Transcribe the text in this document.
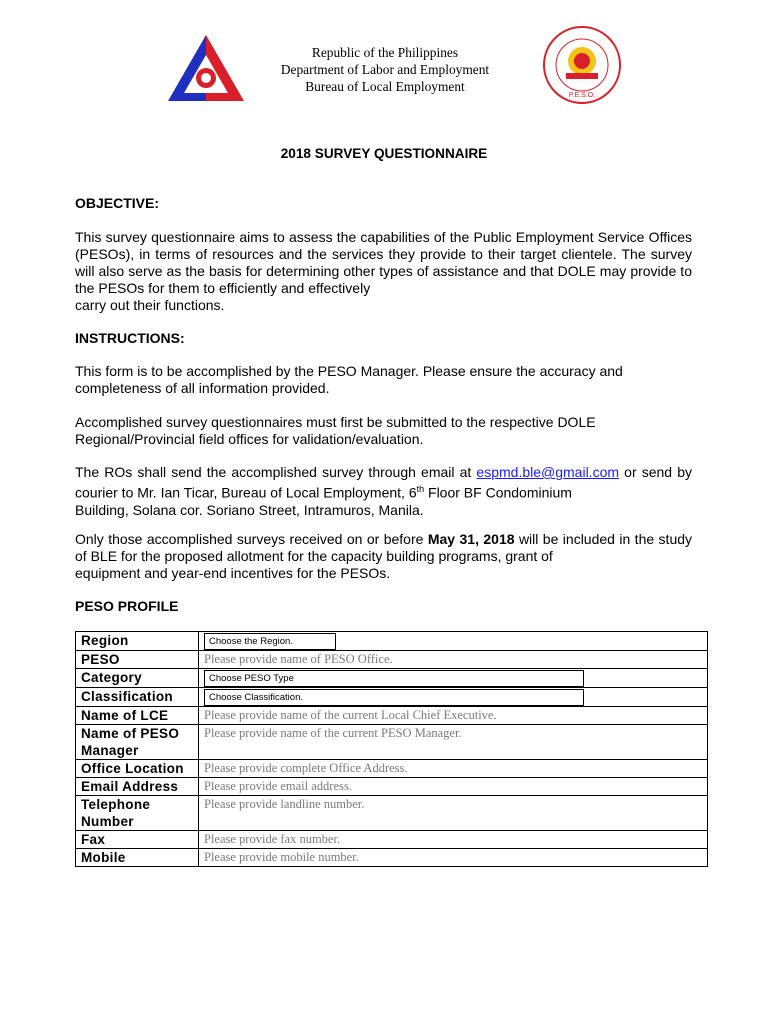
P.E.S.O.
Republic of the Philippines
Department of Labor and Employment
Bureau of Local Employment
2018 SURVEY QUESTIONNAIRE
OBJECTIVE:
This survey questionnaire aims to assess the capabilities of the Public Employment Service Offices (PESOs), in terms of resources and the services they provide to their target clientele. The survey will also serve as the basis for determining other types of assistance and that DOLE may provide to the PESOs for them to efficiently and effectively
carry out their functions.
INSTRUCTIONS:
This form is to be accomplished by the PESO Manager. Please ensure the accuracy and
completeness of all information provided.
Accomplished survey questionnaires must first be submitted to the respective DOLE
Regional/Provincial field offices for validation/evaluation.
The ROs shall send the accomplished survey through email at espmd.ble@gmail.com or send by courier to Mr. Ian Ticar, Bureau of Local Employment, 6th Floor BF Condominium
Building, Solana cor. Soriano Street, Intramuros, Manila.
Only those accomplished surveys received on or before May 31, 2018 will be included in the study of BLE for the proposed allotment for the capacity building programs, grant of
equipment and year-end incentives for the PESOs.
PESO PROFILE
Region	Choose the Region.
PESO	Please provide name of PESO Office.
Category	Choose PESO Type
Classification	Choose Classification.
Name of LCE	Please provide name of the current Local Chief Executive.
Name of PESO Manager	Please provide name of the current PESO Manager.
Office Location	Please provide complete Office Address.
Email Address	Please provide email address.
Telephone Number	Please provide landline number.
Fax	Please provide fax number.
Mobile	Please provide mobile number.
